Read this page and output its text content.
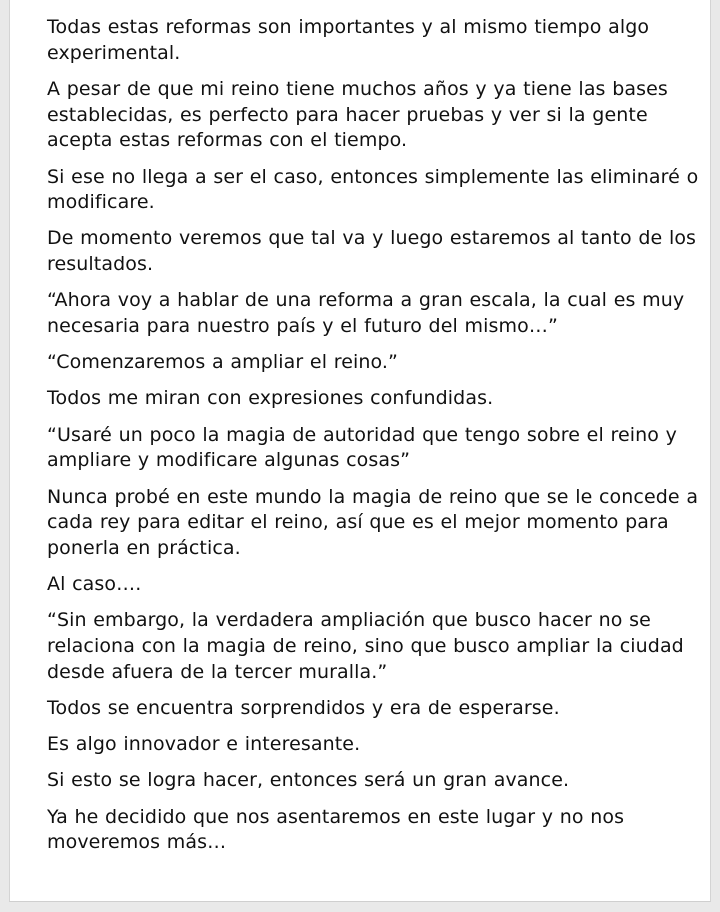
Todas estas reformas son importantes y al mismo tiempo algo experimental.

A pesar de que mi reino tiene muchos años y ya tiene las bases establecidas, es perfecto para hacer pruebas y ver si la gente acepta estas reformas con el tiempo.

Si ese no llega a ser el caso, entonces simplemente las eliminaré o modificare.

De momento veremos que tal va y luego estaremos al tanto de los resultados.

“Ahora voy a hablar de una reforma a gran escala, la cual es muy necesaria para nuestro país y el futuro del mismo…”

“Comenzaremos a ampliar el reino.”

Todos me miran con expresiones confundidas.

“Usaré un poco la magia de autoridad que tengo sobre el reino y ampliare y modificare algunas cosas”

Nunca probé en este mundo la magia de reino que se le concede a cada rey para editar el reino, así que es el mejor momento para ponerla en práctica.

Al caso….

“Sin embargo, la verdadera ampliación que busco hacer no se relaciona con la magia de reino, sino que busco ampliar la ciudad desde afuera de la tercer muralla.”

Todos se encuentra sorprendidos y era de esperarse.

Es algo innovador e interesante.

Si esto se logra hacer, entonces será un gran avance.

Ya he decidido que nos asentaremos en este lugar y no nos moveremos más…
